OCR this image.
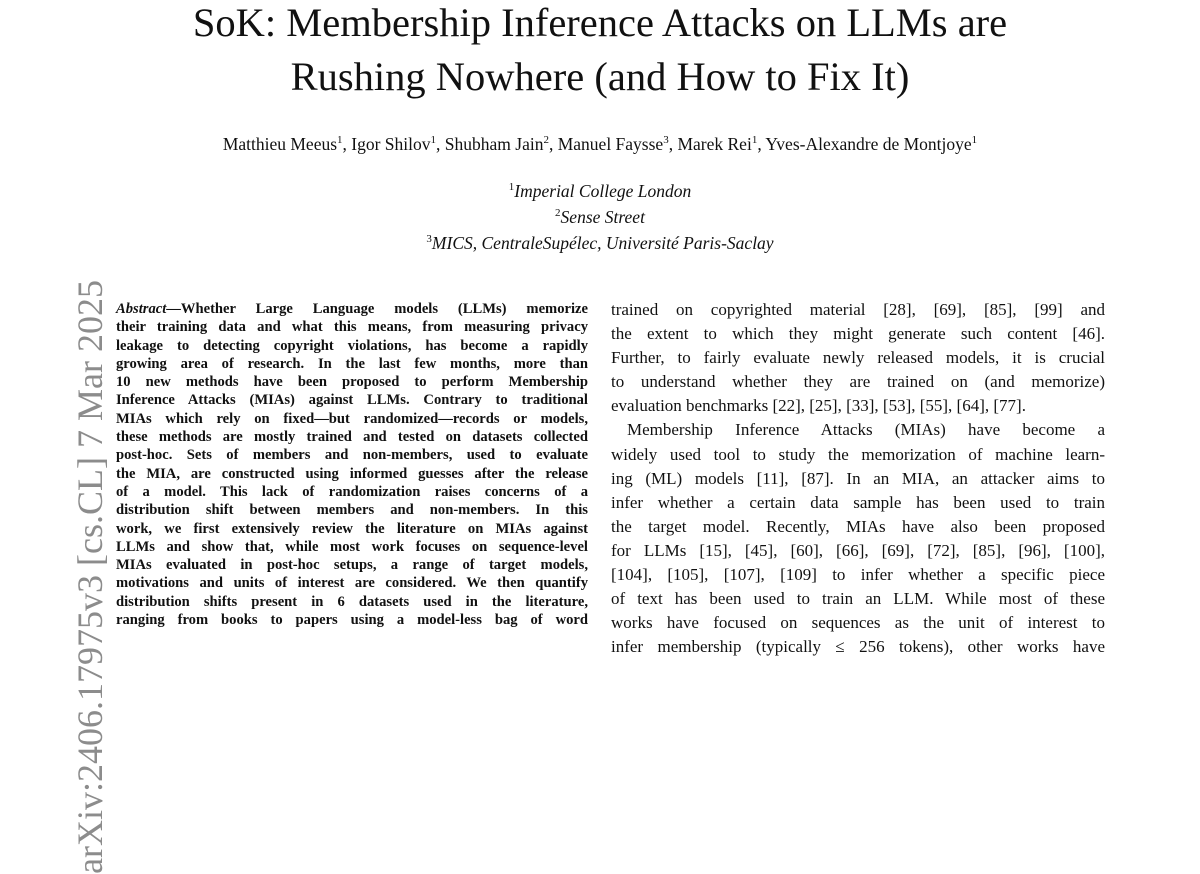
SoK: Membership Inference Attacks on LLMs are
Rushing Nowhere (and How to Fix It)
Matthieu Meeus$^1$, Igor Shilov$^1$, Shubham Jain$^2$, Manuel Faysse$^3$, Marek Rei$^1$, Yves-Alexandre de Montjoye$^1$
$^1$Imperial College London
$^2$Sense Street
$^3$MICS, CentraleSupélec, Université Paris-Saclay
arXiv:2406.17975v3 [cs.CL] 7 Mar 2025 Abstract—Whether Large Language models (LLMs) memorize
their training data and what this means, from measuring privacy
leakage to detecting copyright violations, has become a rapidly
growing area of research. In the last few months, more than
10 new methods have been proposed to perform Membership
Inference Attacks (MIAs) against LLMs. Contrary to traditional
MIAs which rely on fixed—but randomized—records or models,
these methods are mostly trained and tested on datasets collected
post-hoc. Sets of members and non-members, used to evaluate
the MIA, are constructed using informed guesses after the release
of a model. This lack of randomization raises concerns of a
distribution shift between members and non-members. In this
work, we first extensively review the literature on MIAs against
LLMs and show that, while most work focuses on sequence-level
MIAs evaluated in post-hoc setups, a range of target models,
motivations and units of interest are considered. We then quantify
distribution shifts present in 6 datasets used in the literature,
ranging from books to papers using a model-less bag of word
trained on copyrighted material [28], [69], [85], [99] and
the extent to which they might generate such content [46].
Further, to fairly evaluate newly released models, it is crucial
to understand whether they are trained on (and memorize)
evaluation benchmarks [22], [25], [33], [53], [55], [64], [77].
Membership Inference Attacks (MIAs) have become a
widely used tool to study the memorization of machine learn-
ing (ML) models [11], [87]. In an MIA, an attacker aims to
infer whether a certain data sample has been used to train
the target model. Recently, MIAs have also been proposed
for LLMs [15], [45], [60], [66], [69], [72], [85], [96], [100],
[104], [105], [107], [109] to infer whether a specific piece
of text has been used to train an LLM. While most of these
works have focused on sequences as the unit of interest to
infer membership (typically ≤ 256 tokens), other works have
